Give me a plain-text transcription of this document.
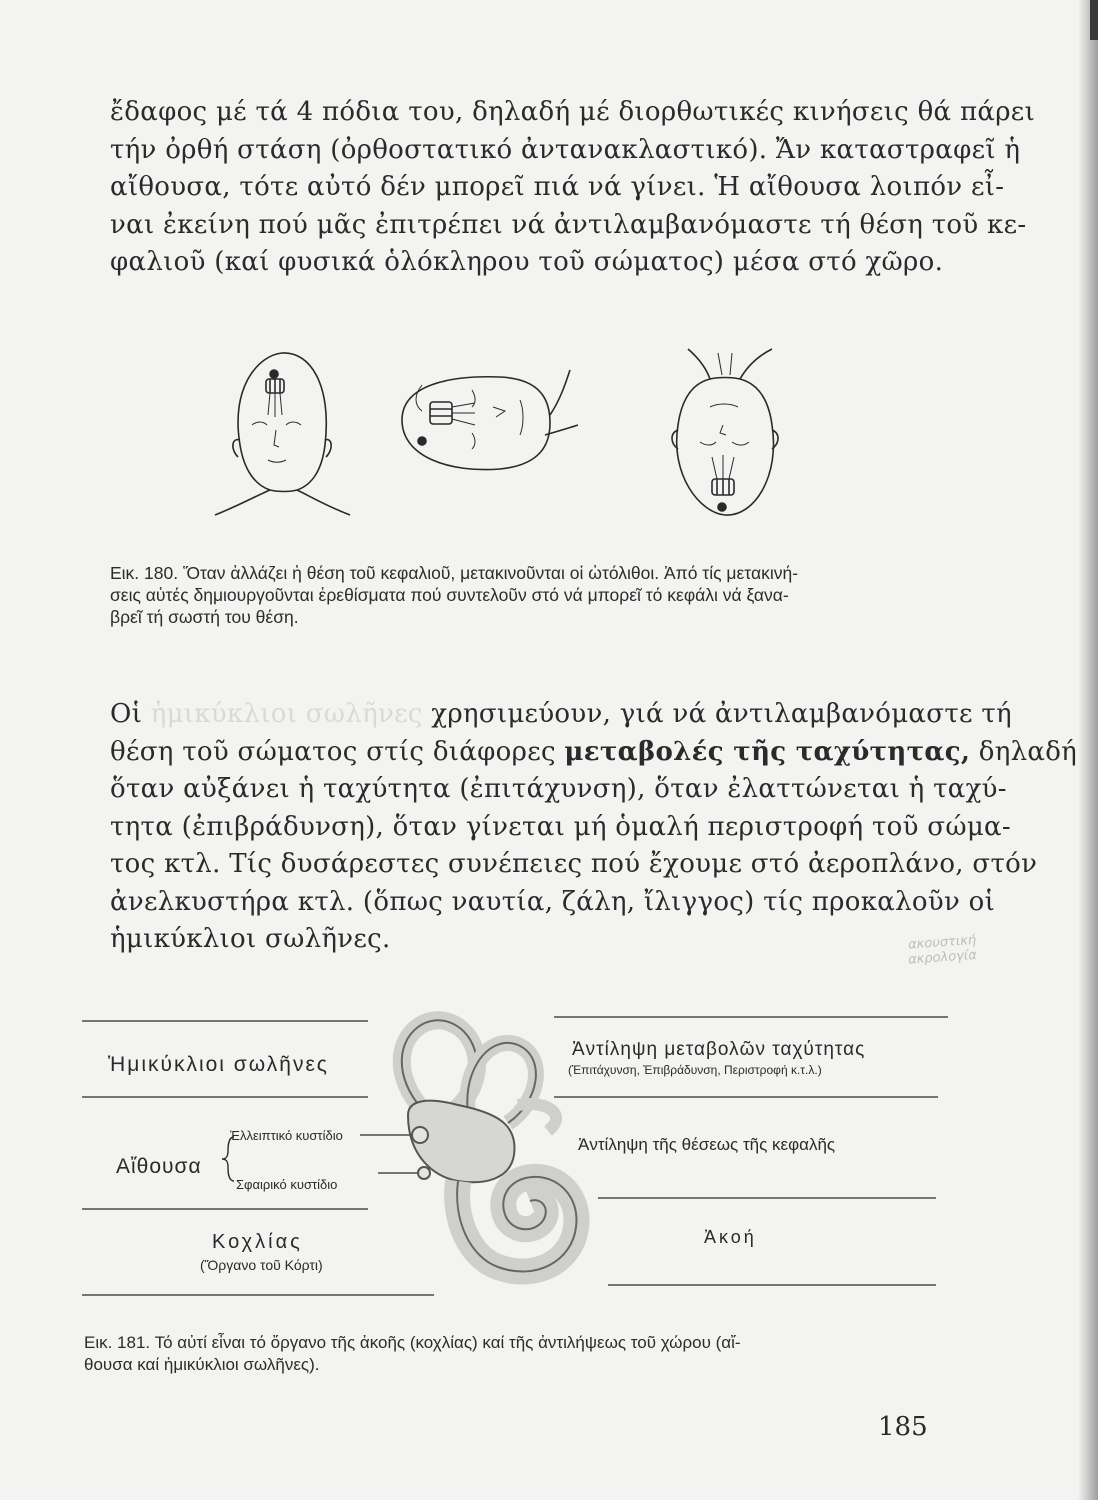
ἔδαφος μέ τά 4 πόδια του, δηλαδή μέ διορθωτικές κινήσεις θά πάρει
τήν ὀρθή στάση (ὀρθοστατικό ἀντανακλαστικό). Ἄν καταστραφεῖ ἡ
αἴθουσα, τότε αὐτό δέν μπορεῖ πιά νά γίνει. Ἡ αἴθουσα λοιπόν εἶ-
ναι ἐκείνη πού μᾶς ἐπιτρέπει νά ἀντιλαμβανόμαστε τή θέση τοῦ κε-
φαλιοῦ (καί φυσικά ὁλόκληρου τοῦ σώματος) μέσα στό χῶρο.
Εικ. 180. Ὅταν ἀλλάζει ἡ θέση τοῦ κεφαλιοῦ, μετακινοῦνται οἱ ὠτόλιθοι. Ἀπό τίς μετακινή-
σεις αὐτές δημιουργοῦνται ἐρεθίσματα πού συντελοῦν στό νά μπορεῖ τό κεφάλι νά ξανα-
βρεῖ τή σωστή του θέση.
Οἱ ἡμικύκλιοι σωλῆνες χρησιμεύουν, γιά νά ἀντιλαμβανόμαστε τή
θέση τοῦ σώματος στίς διάφορες μεταβολές τῆς ταχύτητας, δηλαδή
ὅταν αὐξάνει ἡ ταχύτητα (ἐπιτάχυνση), ὅταν ἐλαττώνεται ἡ ταχύ-
τητα (ἐπιβράδυνση), ὅταν γίνεται μή ὁμαλή περιστροφή τοῦ σώμα-
τος κτλ. Τίς δυσάρεστες συνέπειες πού ἔχουμε στό ἀεροπλάνο, στόν
ἀνελκυστήρα κτλ. (ὅπως ναυτία, ζάλη, ἴλιγγος) τίς προκαλοῦν οἱ
ἡμικύκλιοι σωλῆνες.	ακουστική
ακρολογία
Ἡμικύκλιοι σωλῆνες
Αἴθουσα
Ἐλλειπτικό κυστίδιο
Σφαιρικό κυστίδιο
Κοχλίας
(Ὄργανο τοῦ Κόρτι)
Ἀντίληψη μεταβολῶν ταχύτητας
(Ἐπιτάχυνση, Ἐπιβράδυνση, Περιστροφή κ.τ.λ.)
Ἀντίληψη τῆς θέσεως τῆς κεφαλῆς
Ἀκοή
Εικ. 181. Τό αὐτί εἶναι τό ὄργανο τῆς ἀκοῆς (κοχλίας) καί τῆς ἀντιλήψεως τοῦ χώρου (αἴ-
θουσα καί ἡμικύκλιοι σωλῆνες).
185
